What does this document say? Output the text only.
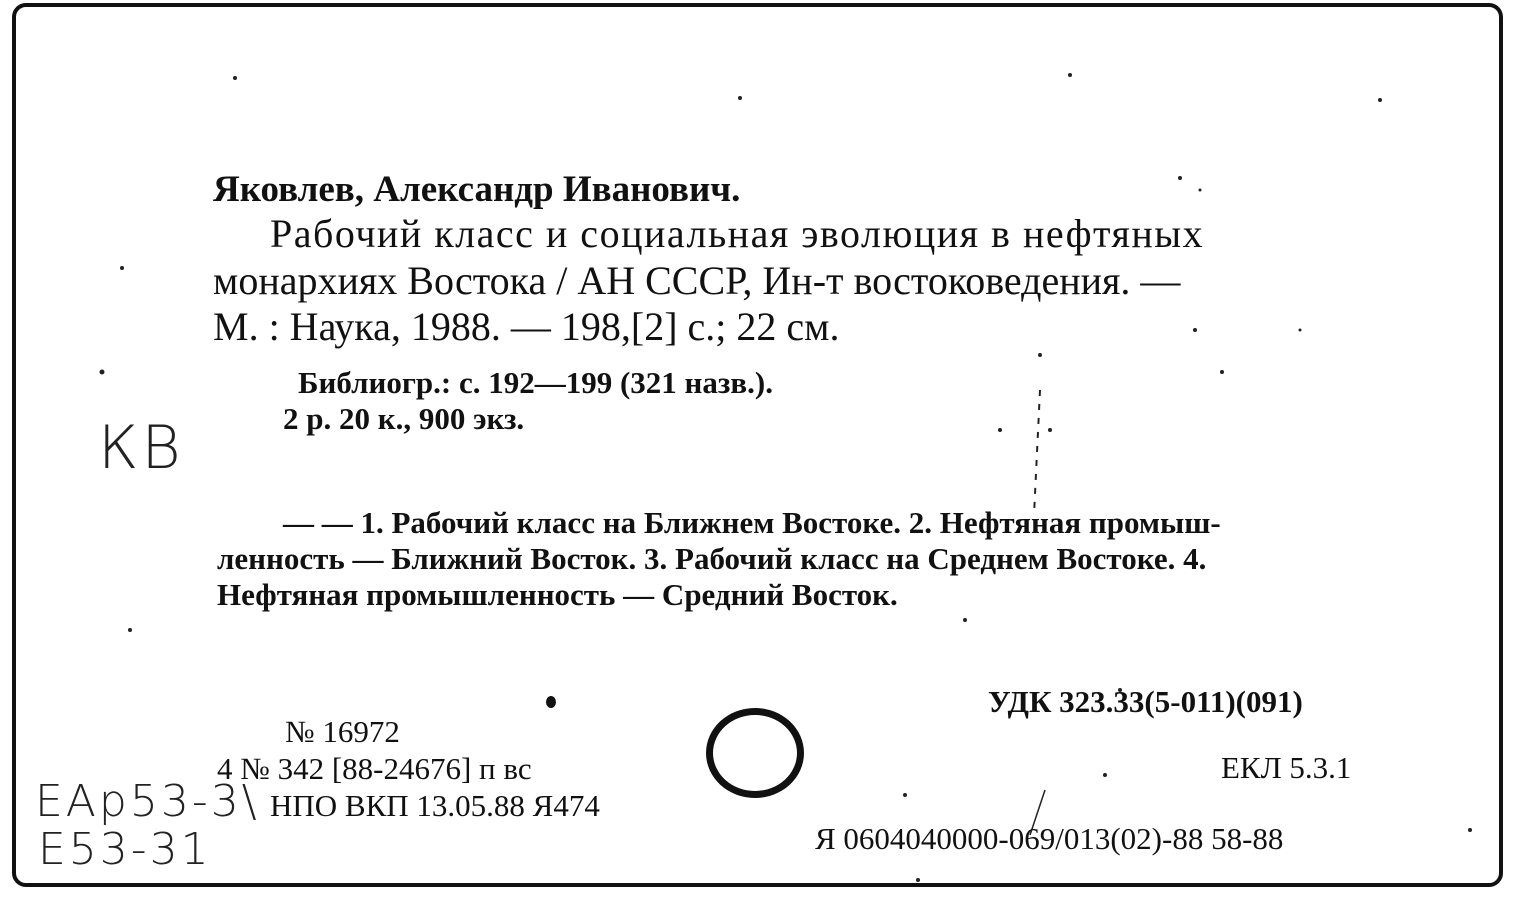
Яковлев, Александр Иванович.

Рабочий класс и социальная эволюция в нефтяных

монархиях Востока / АН СССР, Ин-т востоковедения. —

М. : Наука, 1988. — 198,[2] с.; 22 см.

Библиогр.: с. 192—199 (321 назв.).

2 р. 20 к., 900 экз.

— — 1. Рабочий класс на Ближнем Востоке. 2. Нефтяная промыш-

ленность — Ближний Восток. 3. Рабочий класс на Среднем Востоке. 4.

Нефтяная промышленность — Средний Восток.

№ 16972

4 № 342 [88-24676] п вс

НПО ВКП 13.05.88 Я474

УДК 323.33(5-011)(091)

ЕКЛ 5.3.1

Я 0604040000-069/013(02)-88 58-88

КВ

ЕАр53-3\

Е53-31
